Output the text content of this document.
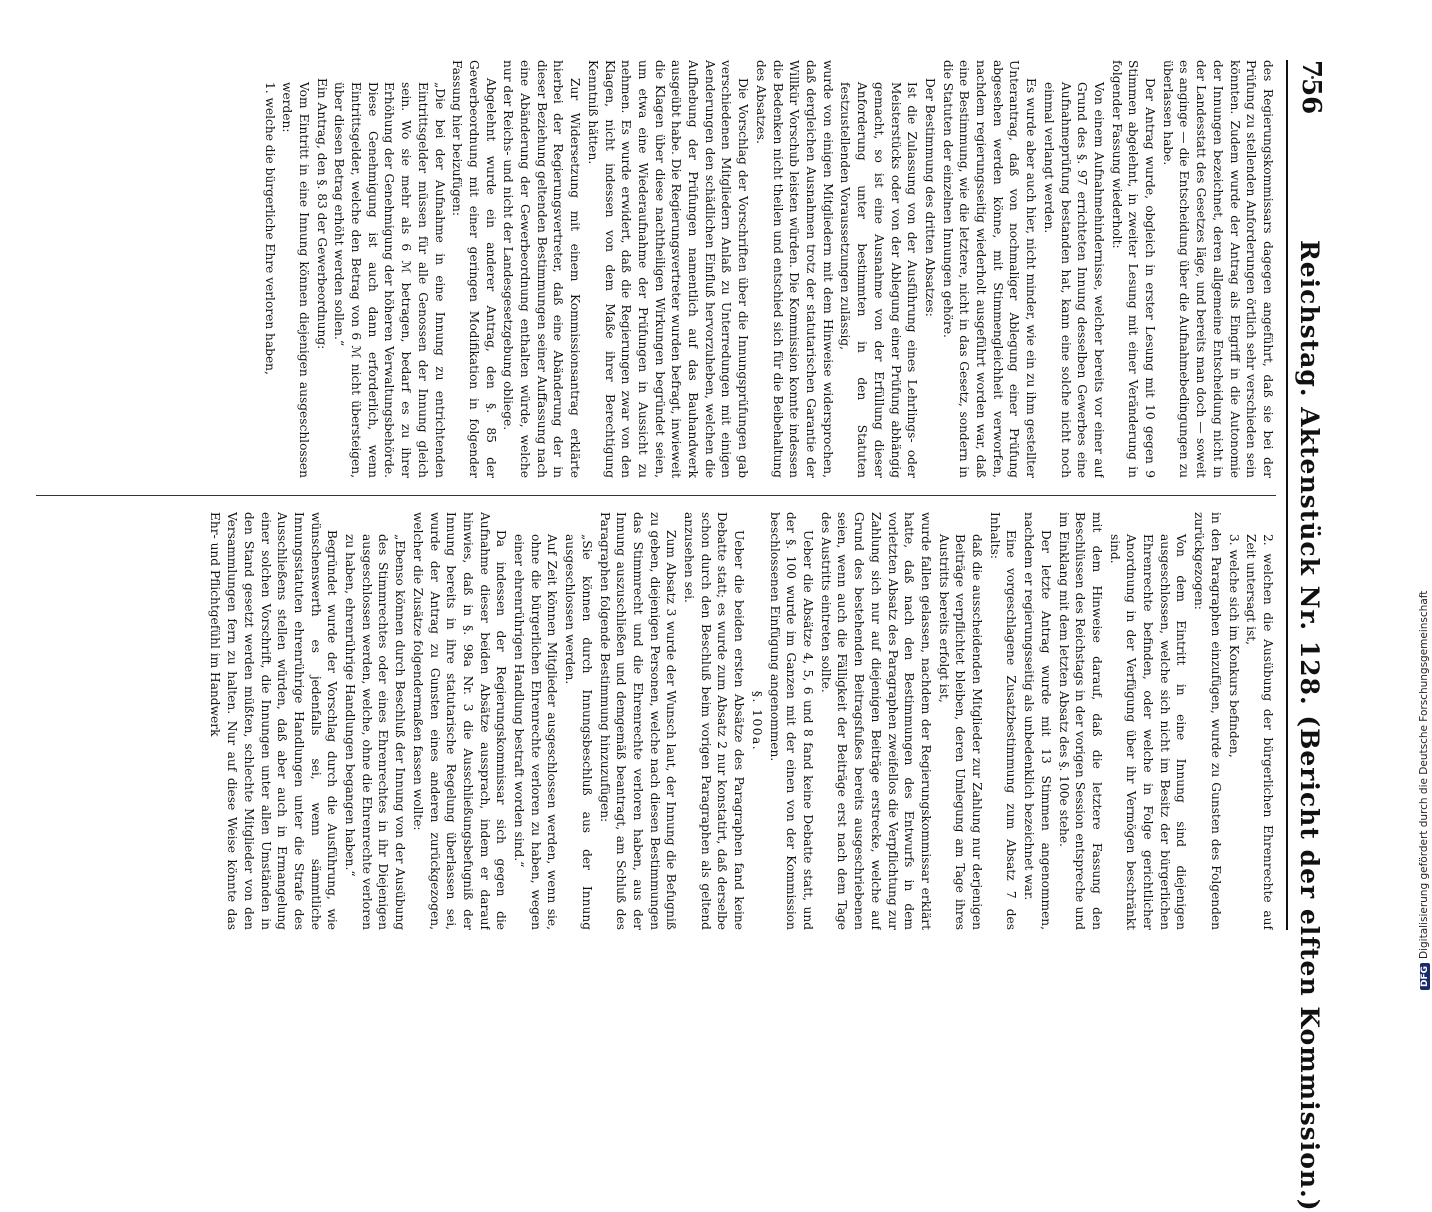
756
Reichstag. Aktenstück Nr. 128. (Bericht der elften Kommission.)

des Regierungskommissars dagegen angeführt, daß sie bei der Prüfung zu stellenden Anforderungen örtlich sehr verschieden sein könnten. Zudem wurde der Antrag als Eingriff in die Autonomie der Innungen bezeichnet, deren allgemeine Entscheidung nicht in der Landesstatt des Gesetzes läge, und bereits man doch — soweit es anginge — die Entscheidung über die Aufnahmebedingungen zu überlassen habe.

Der Antrag wurde, obgleich in erster Lesung mit 10 gegen 9 Stimmen abgelehnt, in zweiter Lesung mit einer Veränderung in folgender Fassung wiederholt:

Von einem Aufnahmehindernisse, welcher bereits vor einer auf Grund des §. 97 errichteten Innung desselben Gewerbes eine Aufnahmeprüfung bestanden hat, kann eine solche nicht noch einmal verlangt werden.

Es wurde aber auch hier, nicht minder, wie ein zu ihm gestellter Unterantrag, daß von nochmaliger Ablegung einer Prüfung abgesehen werden könne, mit Stimmengleichheit verworfen, nachdem regierungsseitig wiederholt ausgeführt worden war, daß eine Bestimmung, wie die letztere, nicht in das Gesetz, sondern in die Statuten der einzelnen Innungen gehöre.

Der Bestimmung des dritten Absatzes:

Ist die Zulassung von der Ausführung eines Lehrlings- oder Meisterstücks oder von der Ablegung einer Prüfung abhängig gemacht, so ist eine Ausnahme von der Erfüllung dieser Anforderung unter bestimmten in den Statuten festzustellenden Voraussetzungen zulässig,

wurde von einigen Mitgliedern mit dem Hinweise widersprochen, daß dergleichen Ausnahmen trotz der statutarischen Garantie der Willkür Vorschub leisten würden. Die Kommission konnte indessen die Bedenken nicht theilen und entschied sich für die Beibehaltung des Absatzes.

Die Vorschlag der Vorschriften über die Innungsprüfungen gab verschiedenen Mitgliedern Anlaß zu Unterredungen mit einigen Aenderungen den schädlichen Einfluß hervorzuheben, welchen die Aufhebung der Prüfungen namentlich auf das Bauhandwerk ausgeübt habe. Die Regierungsvertreter wurden befragt, inwieweit die Klagen über diese nachtheiligen Wirkungen begründet seien, um etwa eine Wiederaufnahme der Prüfungen in Aussicht zu nehmen. Es wurde erwidert, daß die Regierungen zwar von den Klagen, nicht indessen von dem Maße ihrer Berechtigung Kenntniß hätten.

Zur Widersetzung mit einem Kommissionsantrag erklärte hierbei der Regierungsvertreter, daß eine Abänderung der in dieser Beziehung geltenden Bestimmungen seiner Auffassung nach eine Abänderung der Gewerbeordnung enthalten würde, welche nur der Reichs- und nicht der Landesgesetzgebung obliege.

Abgelehnt wurde ein anderer Antrag, den §. 85 der Gewerbeordnung mit einer geringen Modifikation in folgender Fassung hier beizufügen:

„Die bei der Aufnahme in eine Innung zu entrichtenden Eintrittsgelder müssen für alle Genossen der Innung gleich sein. Wo sie mehr als 6 ℳ betragen, bedarf es zu ihrer Erhöhung der Genehmigung der höheren Verwaltungsbehörde. Diese Genehmigung ist auch dann erforderlich, wenn Eintrittsgelder, welche den Betrag von 6 ℳ nicht übersteigen, über diesen Betrag erhöht werden sollen.“

Ein Antrag, den §. 83 der Gewerbeordnung:

Vom Eintritt in eine Innung können diejenigen ausgeschlossen werden:

1. welche die bürgerliche Ehre verloren haben,

2. welchen die Ausübung der bürgerlichen Ehrenrechte auf Zeit untersagt ist,

3. welche sich im Konkurs befinden,

in den Paragraphen einzufügen, wurde zu Gunsten des Folgenden zurückgezogen:

Von dem Eintritt in eine Innung sind diejenigen ausgeschlossen, welche sich nicht im Besitz der bürgerlichen Ehrenrechte befinden, oder welche in Folge gerichtlicher Anordnung in der Verfügung über ihr Vermögen beschränkt sind.

mit dem Hinweise darauf, daß die letztere Fassung den Beschlüssen des Reichstags in der vorigen Session entspreche und im Einklang mit dem letzten Absatz des §. 100e stehe.

Der letzte Antrag wurde mit 13 Stimmen angenommen, nachdem er regierungsseitig als unbedenklich bezeichnet war.

Eine vorgeschlagene Zusatzbestimmung zum Absatz 7 des Inhalts:

daß die ausscheidenden Mitglieder zur Zahlung nur derjenigen Beiträge verpflichtet bleiben, deren Umlegung am Tage ihres Austritts bereits erfolgt ist,

wurde fallen gelassen, nachdem der Regierungskommissar erklärt hatte, daß nach den Bestimmungen des Entwurfs in dem vorletzten Absatz des Paragraphen zweifellos die Verpflichtung zur Zahlung sich nur auf diejenigen Beiträge erstrecke, welche auf Grund des bestehenden Beitragsfußes bereits ausgeschriebenen seien, wenn auch die Fälligkeit der Beiträge erst nach dem Tage des Austritts eintreten sollte.

Ueber die Absätze 4, 5, 6 und 8 fand keine Debatte statt, und der §. 100 wurde im Ganzen mit der einen von der Kommission beschlossenen Einfügung angenommen.

§. 100a.

Ueber die beiden ersten Absätze des Paragraphen fand keine Debatte statt; es wurde zum Absatz 2 nur konstatirt, daß derselbe schon durch den Beschluß beim vorigen Paragraphen als geltend anzusehen sei.

Zum Absatz 3 wurde der Wunsch laut, der Innung die Befugniß zu geben, diejenigen Personen, welche nach diesen Bestimmungen das Stimmrecht und die Ehrenrechte verloren haben, aus der Innung auszuschließen und demgemäß beantragt, am Schluß des Paragraphen folgende Bestimmung hinzuzufügen:

„Sie können durch Innungsbeschluß aus der Innung ausgeschlossen werden.

Auf Zeit können Mitglieder ausgeschlossen werden, wenn sie, ohne die bürgerlichen Ehrenrechte verloren zu haben, wegen einer ehrenrührigen Handlung bestraft worden sind.“

Da indessen der Regierungskommissar sich gegen die Aufnahme dieser beiden Absätze aussprach, indem er darauf hinwies, daß in §. 98a Nr. 3 die Ausschließungsbefugniß der Innung bereits in ihre statutarische Regelung überlassen sei, wurde der Antrag zu Gunsten eines anderen zurückgezogen, welcher die Zusätze folgendermaßen fassen wollte:

„Ebenso können durch Beschluß der Innung von der Ausübung des Stimmrechtes oder eines Ehrenrechtes in ihr Diejenigen ausgeschlossen werden, welche, ohne die Ehrenrechte verloren zu haben, ehrenrührige Handlungen begangen haben.“

Begründet wurde der Vorschlag durch die Ausführung, wie wünschenswerth es jedenfalls sei, wenn sämmtliche Innungsstatuten ehrenrührige Handlungen unter die Strafe des Ausschließens stellen würden, daß aber auch in Ermangelung einer solchen Vorschrift, die Innungen unter allen Umständen in den Stand gesetzt werden müßten, schlechte Mitglieder von den Versammlungen fern zu halten. Nur auf diese Weise könnte das Ehr- und Pflichtgefühl im Handwerk

DFGDigitalisierung gefördert durch die Deutsche Forschungsgemeinschaft
